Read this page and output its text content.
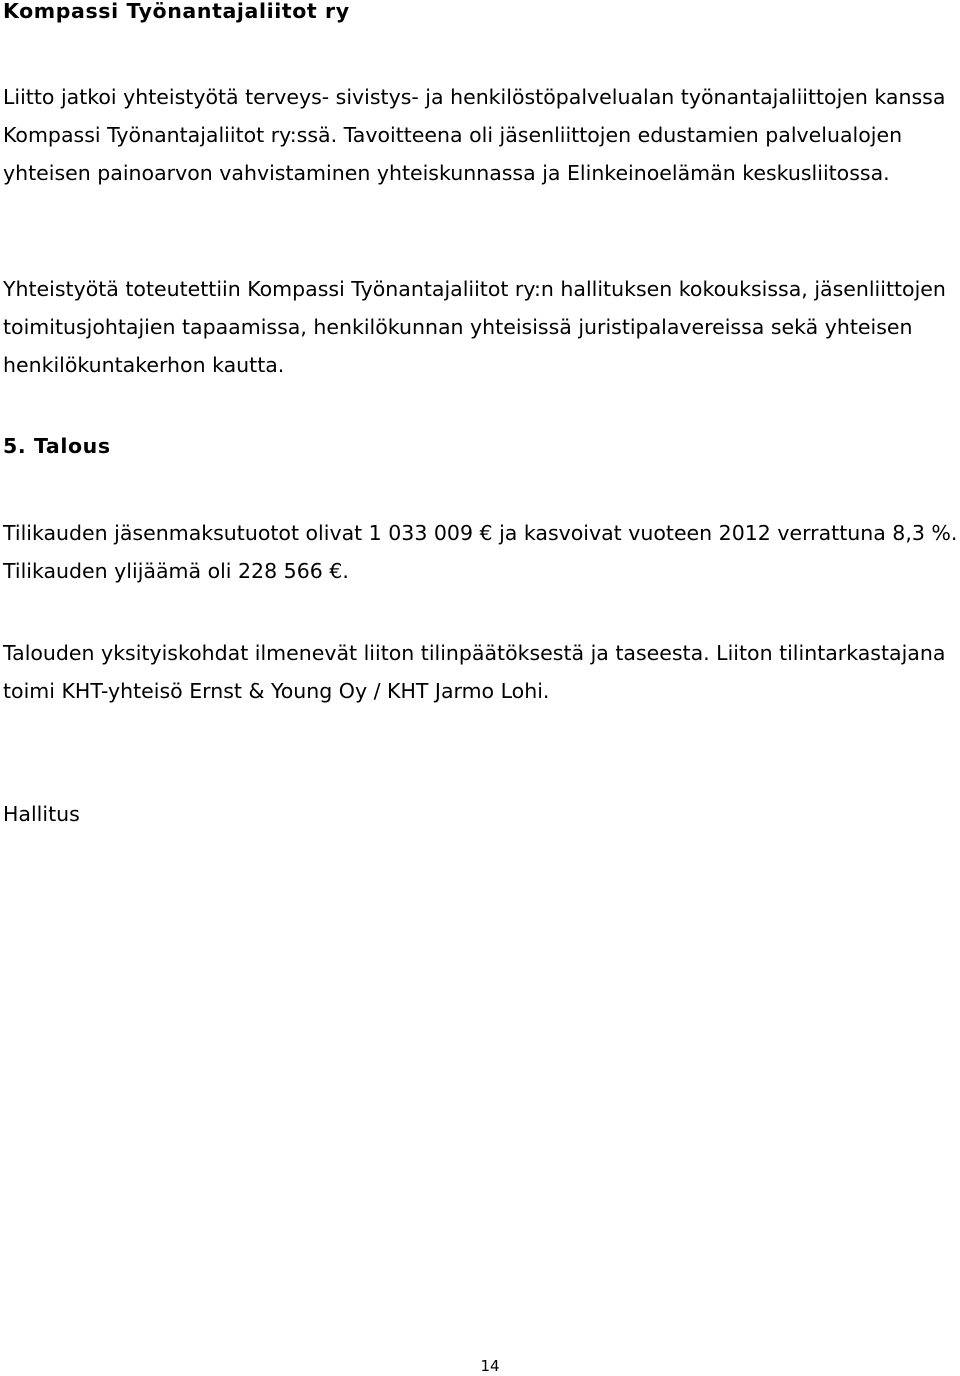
Kompassi Työnantajaliitot ry

Liitto jatkoi yhteistyötä terveys- sivistys- ja henkilöstöpalvelualan työnantajaliittojen kanssa Kompassi Työnantajaliitot ry:ssä. Tavoitteena oli jäsenliittojen edustamien palvelualojen yhteisen painoarvon vahvistaminen yhteiskunnassa ja Elinkeinoelämän keskusliitossa.

Yhteistyötä toteutettiin Kompassi Työnantajaliitot ry:n hallituksen kokouksissa, jäsenliittojen toimitusjohtajien tapaamissa, henkilökunnan yhteisissä juristipalavereissa sekä yhteisen henkilökuntakerhon kautta.

5. Talous

Tilikauden jäsenmaksutuotot olivat 1 033 009 € ja kasvoivat vuoteen 2012 verrattuna 8,3 %. Tilikauden ylijäämä oli 228 566 €.

Talouden yksityiskohdat ilmenevät liiton tilinpäätöksestä ja taseesta. Liiton tilintarkastajana toimi KHT-yhteisö Ernst & Young Oy / KHT Jarmo Lohi.

Hallitus

14
